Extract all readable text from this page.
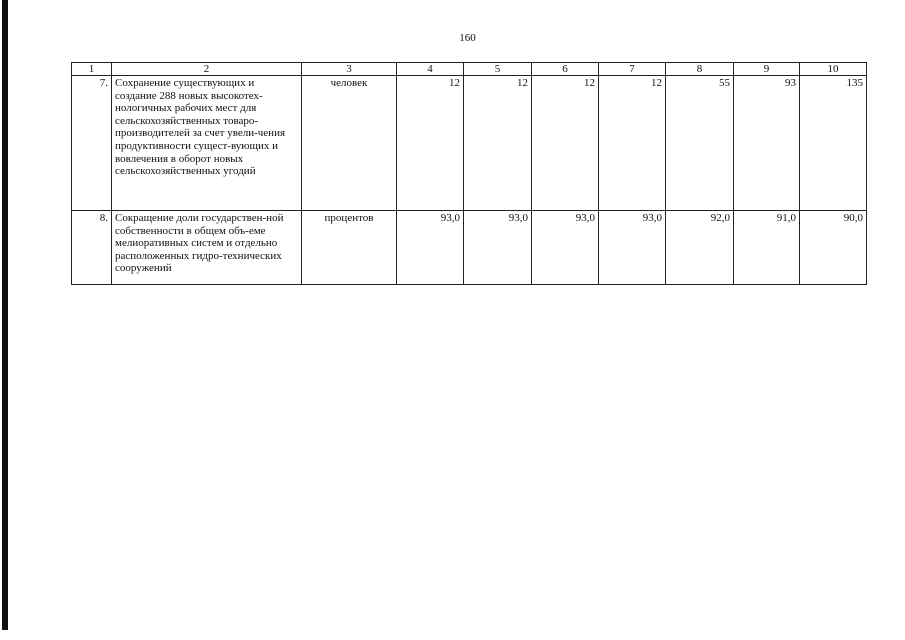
160
1	2	3	4	5	6	7	8	9	10
7.	Сохранение существующих и создание 288 новых высокотех-нологичных рабочих мест для сельскохозяйственных товаро-производителей за счет увели-чения продуктивности сущест-вующих и вовлечения в оборот новых сельскохозяйственных угодий	человек	12	12	12	12	55	93	135
8.	Сокращение доли государствен-ной собственности в общем объ-еме мелиоративных систем и отдельно расположенных гидро-технических сооружений	процентов	93,0	93,0	93,0	93,0	92,0	91,0	90,0
